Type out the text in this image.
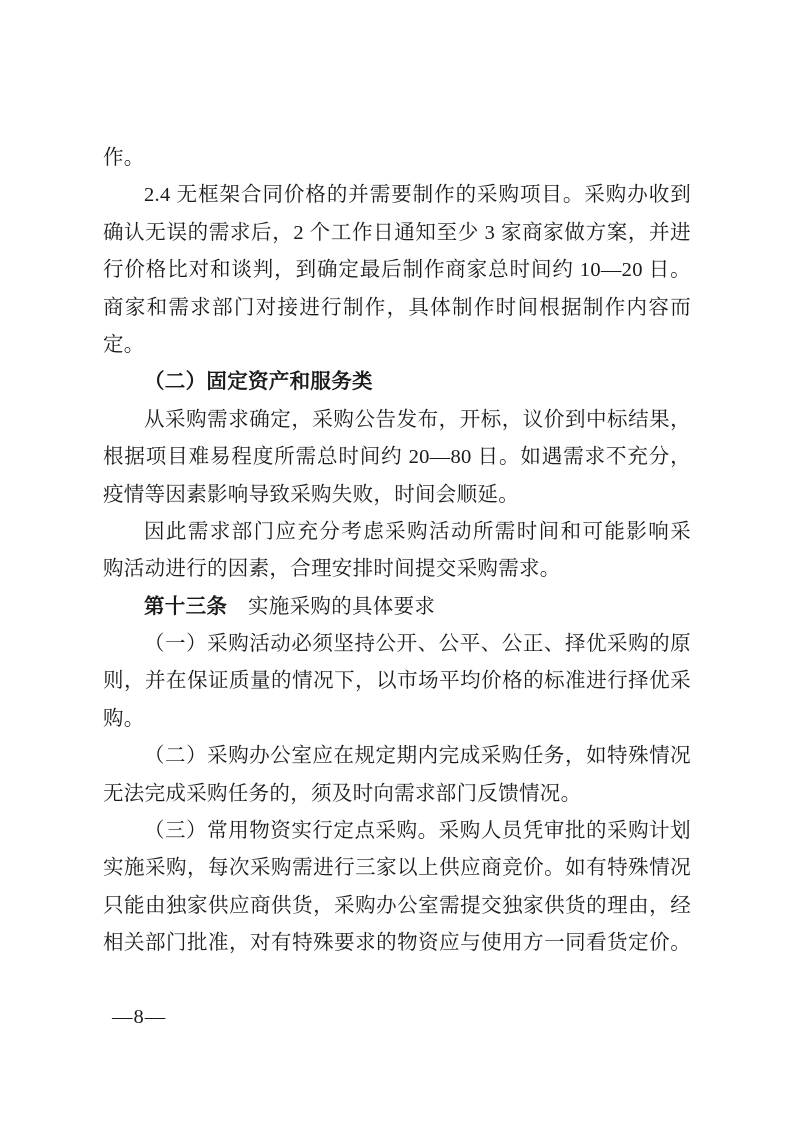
作。
2.4 无框架合同价格的并需要制作的采购项目。采购办收到
确认无误的需求后，2 个工作日通知至少 3 家商家做方案，并进
行价格比对和谈判，到确定最后制作商家总时间约 10—20 日。
商家和需求部门对接进行制作，具体制作时间根据制作内容而
定。
（二）固定资产和服务类
从采购需求确定，采购公告发布，开标，议价到中标结果，
根据项目难易程度所需总时间约 20—80 日。如遇需求不充分，
疫情等因素影响导致采购失败，时间会顺延。
因此需求部门应充分考虑采购活动所需时间和可能影响采
购活动进行的因素，合理安排时间提交采购需求。
第十三条　实施采购的具体要求
（一）采购活动必须坚持公开、公平、公正、择优采购的原
则，并在保证质量的情况下，以市场平均价格的标准进行择优采
购。
（二）采购办公室应在规定期内完成采购任务，如特殊情况
无法完成采购任务的，须及时向需求部门反馈情况。
（三）常用物资实行定点采购。采购人员凭审批的采购计划
实施采购，每次采购需进行三家以上供应商竞价。如有特殊情况
只能由独家供应商供货，采购办公室需提交独家供货的理由，经
相关部门批准，对有特殊要求的物资应与使用方一同看货定价。
—8—
